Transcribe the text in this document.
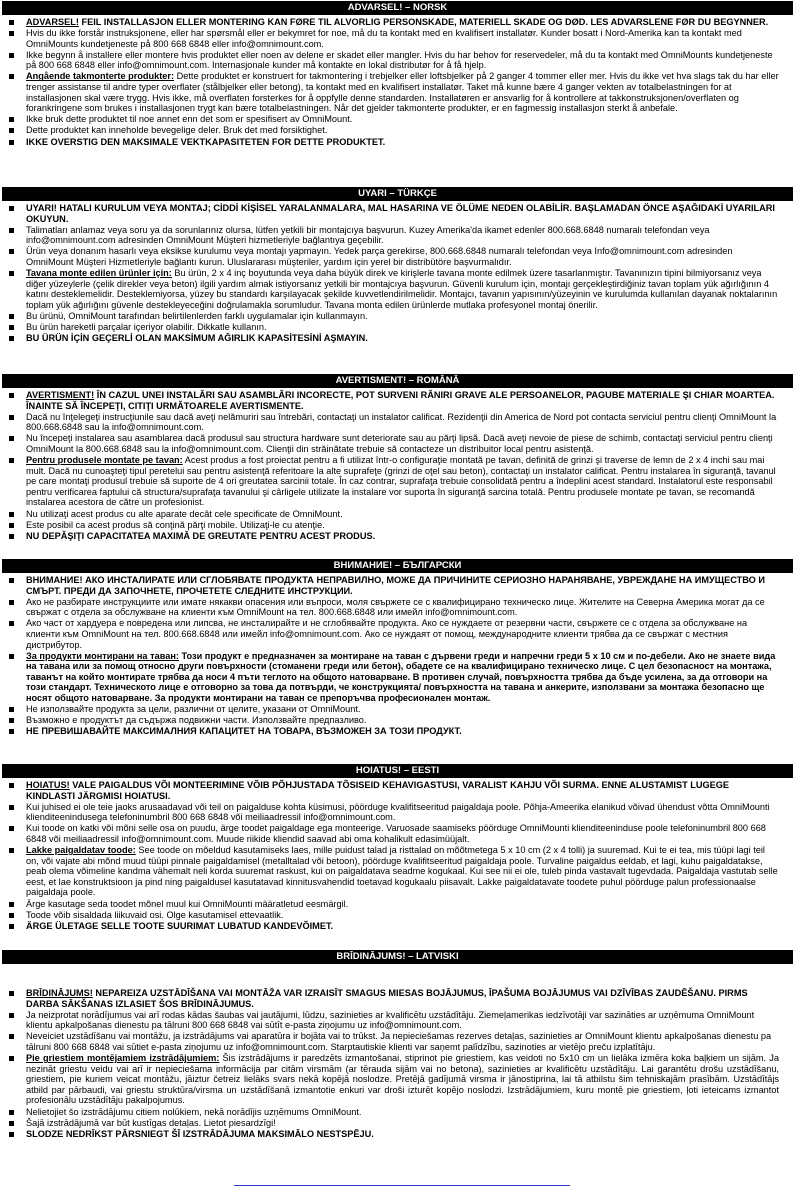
ADVARSEL! – NORSK
ADVARSEL! FEIL INSTALLASJON ELLER MONTERING KAN FØRE TIL ALVORLIG PERSONSKADE, MATERIELL SKADE OG DØD. LES ADVARSLENE FØR DU BEGYNNER.
Hvis du ikke forstår instruksjonene, eller har spørsmål eller er bekymret for noe, må du ta kontakt med en kvalifisert installatør. Kunder bosatt i Nord-Amerika kan ta kontakt med OmniMounts kundetjeneste på 800 668 6848 eller info@omnimount.com.
Ikke begynn å installere eller montere hvis produktet eller noen av delene er skadet eller mangler. Hvis du har behov for reservedeler, må du ta kontakt med OmniMounts kundetjeneste på 800 668 6848 eller info@omnimount.com. Internasjonale kunder må kontakte en lokal distributør for å få hjelp.
Angående takmonterte produkter: Dette produktet er konstruert for takmontering i trebjelker eller loftsbjelker på 2 ganger 4 tommer eller mer. Hvis du ikke vet hva slags tak du har eller trenger assistanse til andre typer overflater (stålbjelker eller betong), ta kontakt med en kvalifisert installatør. Taket må kunne bære 4 ganger vekten av totalbelastningen for at installasjonen skal være trygg. Hvis ikke, må overflaten forsterkes for å oppfylle denne standarden. Installatøren er ansvarlig for å kontrollere at takkonstruksjonen/overflaten og forankringene som brukes i installasjonen trygt kan bære totalbelastningen. Når det gjelder takmonterte produkter, er en fagmessig installasjon sterkt å anbefale.
Ikke bruk dette produktet til noe annet enn det som er spesifisert av OmniMount.
Dette produktet kan inneholde bevegelige deler. Bruk det med forsiktighet.
IKKE OVERSTIG DEN MAKSIMALE VEKTKAPASITETEN FOR DETTE PRODUKTET.
UYARI – TÜRKÇE
UYARI! HATALI KURULUM VEYA MONTAJ; CİDDİ KİŞİSEL YARALANMALARA, MAL HASARINA VE ÖLÜME NEDEN OLABİLİR. BAŞLAMADAN ÖNCE AŞAĞIDAKİ UYARILARI OKUYUN.
Talimatları anlamaz veya soru ya da sorunlarınız olursa, lütfen yetkili bir montajcıya başvurun. Kuzey Amerika'da ikamet edenler 800.668.6848 numaralı telefondan veya info@omnimount.com adresinden OmniMount Müşteri hizmetleriyle bağlantıya geçebilir.
Ürün veya donanım hasarlı veya eksikse kurulumu veya montajı yapmayın. Yedek parça gerekirse, 800.668.6848 numaralı telefondan veya Info@omnimount.com adresinden OmniMount Müşteri Hizmetleriyle bağlantı kurun. Uluslararası müşteriler, yardım için yerel bir distribütöre başvurmalıdır.
Tavana monte edilen ürünler için: Bu ürün, 2 x 4 inç boyutunda veya daha büyük direk ve kirişlerle tavana monte edilmek üzere tasarlanmıştır. Tavanınızın tipini bilmiyorsanız veya diğer yüzeylerle (çelik direkler veya beton) ilgili yardım almak istiyorsanız yetkili bir montajcıya başvurun. Güvenli kurulum için, montajı gerçekleştirdiğiniz tavan toplam yük ağırlığının 4 katını desteklemelidir. Desteklemiyorsa, yüzey bu standardı karşılayacak şekilde kuvvetlendirilmelidir. Montajcı, tavanın yapısının/yüzeyinin ve kurulumda kullanılan dayanak noktalarının toplam yük ağırlığını güvenle destekleyeceğini doğrulamakla sorumludur. Tavana monta edilen ürünlerde mutlaka profesyonel montaj önerilir.
Bu ürünü, OmniMount tarafından belirtilenlerden farklı uygulamalar için kullanmayın.
Bu ürün hareketli parçalar içeriyor olabilir. Dikkatle kullanın.
BU ÜRÜN İÇİN GEÇERLİ OLAN MAKSİMUM AĞIRLIK KAPASİTESİNİ AŞMAYIN.
AVERTISMENT! – ROMÂNĂ
AVERTISMENT! ÎN CAZUL UNEI INSTALĂRI SAU ASAMBLĂRI INCORECTE, POT SURVENI RĂNIRI GRAVE ALE PERSOANELOR, PAGUBE MATERIALE ŞI CHIAR MOARTEA. ÎNAINTE SĂ ÎNCEPEŢI, CITIŢI URMĂTOARELE AVERTISMENTE.
Dacă nu înţelegeţi instrucţiunile sau dacă aveţi nelămuriri sau întrebări, contactaţi un instalator calificat. Rezidenţii din America de Nord pot contacta serviciul pentru clienţi OmniMount la 800.668.6848 sau la info@omnimount.com.
Nu începeţi instalarea sau asamblarea dacă produsul sau structura hardware sunt deteriorate sau au părţi lipsă. Dacă aveţi nevoie de piese de schimb, contactaţi serviciul pentru clienţi OmniMount la 800.668.6848 sau la info@omnimount.com. Clienţii din străinătate trebuie să contacteze un distribuitor local pentru asistenţă.
Pentru produsele montate pe tavan: Acest produs a fost proiectat pentru a fi utilizat într-o configuraţie montată pe tavan, definită de grinzi şi traverse de lemn de 2 x 4 inchi sau mai mult. Dacă nu cunoaşteţi tipul peretelui sau pentru asistenţă referitoare la alte suprafeţe (grinzi de oţel sau beton), contactaţi un instalator calificat. Pentru instalarea în siguranţă, tavanul pe care montaţi produsul trebuie să suporte de 4 ori greutatea sarcinii totale. În caz contrar, suprafaţa trebuie consolidată pentru a îndeplini acest standard. Instalatorul este responsabil pentru verificarea faptului că structura/suprafaţa tavanului şi cârligele utilizate la instalare vor suporta în siguranţă sarcina totală. Pentru produsele montate pe tavan, se recomandă instalarea acestora de către un profesionist.
Nu utilizaţi acest produs cu alte aparate decât cele specificate de OmniMount.
Este posibil ca acest produs să conţină părţi mobile. Utilizaţi-le cu atenţie.
NU DEPĂŞIŢI CAPACITATEA MAXIMĂ DE GREUTATE PENTRU ACEST PRODUS.
ВНИМАНИЕ! – БЪЛГАРСКИ
ВНИМАНИЕ! АКО ИНСТАЛИРАТЕ ИЛИ СГЛОБЯВАТЕ ПРОДУКТА НЕПРАВИЛНО, МОЖЕ ДА ПРИЧИНИТЕ СЕРИОЗНО НАРАНЯВАНЕ, УВРЕЖДАНЕ НА ИМУЩЕСТВО И СМЪРТ. ПРЕДИ ДА ЗАПОЧНЕТЕ, ПРОЧЕТЕТЕ СЛЕДНИТЕ ИНСТРУКЦИИ.
Ако не разбирате инструкциите или имате някакви опасения или въпроси, моля свържете се с квалифицирано техническо лице. Жителите на Северна Америка могат да се свържат с отдела за обслужване на клиенти към OmniMount на тел. 800.668.6848 или имейл info@omnimount.com.
Ако част от хардуера е повредена или липсва, не инсталирайте и не сглобявайте продукта. Ако се нуждаете от резервни части, свържете се с отдела за обслужване на клиенти към OmniMount на тел. 800.668.6848 или имейл info@omnimount.com. Ако се нуждаят от помощ, международните клиенти трябва да се свържат с местния дистрибутор.
За продукти монтирани на таван: Този продукт е предназначен за монтиране на таван с дървени греди и напречни греди 5 х 10 см и по-дебели. Ако не знаете вида на тавана или за помощ относно други повърхности (стоманени греди или бетон), обадете се на квалифицирано техническо лице. С цел безопасност на монтажа, таванът на който монтирате трябва да носи 4 пъти теглото на общото натоварване. В противен случай, повърхността трябва да бъде усилена, за да отговори на този стандарт. Техническото лице е отговорно за това да потвърди, че конструкцията/ повърхността на тавана и анкерите, използвани за монтажа безопасно ще носят общото натоварване. За продукти монтирани на таван се препоръчва професионален монтаж.
Не използвайте продукта за цели, различни от целите, указани от OmniMount.
Възможно е продуктът да съдържа подвижни части. Използвайте предпазливо.
НЕ ПРЕВИШАВАЙТЕ МАКСИМАЛНИЯ КАПАЦИТЕТ НА ТОВАРА, ВЪЗМОЖЕН ЗА ТОЗИ ПРОДУКТ.
HOIATUS! – EESTI
HOIATUS! VALE PAIGALDUS VÕI MONTEERIMINE VÕIB PÕHJUSTADA TÕSISEID KEHAVIGASTUSI, VARALIST KAHJU VÕI SURMA. ENNE ALUSTAMIST LUGEGE KINDLASTI JÄRGMISI HOIATUSI.
Kui juhised ei ole teie jaoks arusaadavad või teil on paigalduse kohta küsimusi, pöörduge kvalifitseeritud paigaldaja poole. Põhja-Ameerika elanikud võivad ühendust võtta OmniMounti klienditeenindusega telefoninumbril 800 668 6848 või meiliaadressil info@omnimount.com.
Kui toode on katki või mõni selle osa on puudu, ärge toodet paigaldage ega monteerige. Varuosade saamiseks pöörduge OmniMounti klienditeeninduse poole telefoninumbril 800 668 6848 või meiliaadressil info@omnimount.com. Muude riikide kliendid saavad abi oma kohalikult edasimüüjalt.
Lakke paigaldatav toode: See toode on mõeldud kasutamiseks laes, mille puidust talad ja risttalad on mõõtmetega 5 x 10 cm (2 x 4 tolli) ja suuremad. Kui te ei tea, mis tüüpi lagi teil on, või vajate abi mõnd muud tüüpi pinnale paigaldamisel (metalltalad või betoon), pöörduge kvalifitseeritud paigaldaja poole. Turvaline paigaldus eeldab, et lagi, kuhu paigaldatakse, peab olema võimeline kandma vähemalt neli korda suuremat raskust, kui on paigaldatava seadme kogukaal. Kui see nii ei ole, tuleb pinda vastavalt tugevdada. Paigaldaja vastutab selle eest, et lae konstruktsioon ja pind ning paigaldusel kasutatavad kinnitusvahendid toetavad kogukaalu piisavalt. Lakke paigaldatavate toodete puhul pöörduge palun professionaalse paigaldaja poole.
Ärge kasutage seda toodet mõnel muul kui OmniMounti määratletud eesmärgil.
Toode võib sisaldada liikuvaid osi. Olge kasutamisel ettevaatlik.
ÄRGE ÜLETAGE SELLE TOOTE SUURIMAT LUBATUD KANDEVÕIMET.
BRĪDINĀJUMS! – LATVISKI
BRĪDINĀJUMS! NEPAREIZA UZSTĀDĪŠANA VAI MONTĀŽA VAR IZRAISĪT SMAGUS MIESAS BOJĀJUMUS, ĪPAŠUMA BOJĀJUMUS VAI DZĪVĪBAS ZAUDĒŠANU. PIRMS DARBA SĀKŠANAS IZLASIET ŠOS BRĪDINĀJUMUS.
Ja neizprotat norādījumus vai arī rodas kādas šaubas vai jautājumi, lūdzu, sazinieties ar kvalificētu uzstādītāju. Ziemeļamerikas iedzīvotāji var sazināties ar uzņēmuma OmniMount klientu apkalpošanas dienestu pa tālruni 800 668 6848 vai sūtīt e-pasta ziņojumu uz info@omnimount.com.
Neveiciet uzstādīšanu vai montāžu, ja izstrādājums vai aparatūra ir bojāta vai to trūkst. Ja nepieciešamas rezerves detaļas, sazinieties ar OmniMount klientu apkalpošanas dienestu pa tālruni 800 668 6848 vai sūtiet e-pasta ziņojumu uz info@omnimount.com. Starptautiskie klienti var saņemt palīdzību, sazinoties ar vietējo preču izplatītāju.
Pie griestiem montējamiem izstrādājumiem: Šis izstrādājums ir paredzēts izmantošanai, stiprinot pie griestiem, kas veidoti no 5x10 cm un lielāka izmēra koka baļķiem un sijām. Ja nezināt griestu veidu vai arī ir nepieciešama informācija par citām virsmām (ar tērauda sijām vai no betona), sazinieties ar kvalificētu uzstādītāju. Lai garantētu drošu uzstādīšanu, griestiem, pie kuriem veicat montāžu, jāiztur četreiz lielāks svars nekā kopējā noslodze. Pretējā gadījumā virsma ir jānostiprina, lai tā atbilstu šim tehniskajām prasībām. Uzstādītājs atbild par pārbaudi, vai griestu struktūra/virsma un uzstādīšanā izmantotie enkuri var droši izturēt kopējo noslodzi. Izstrādājumiem, kuru montē pie griestiem, ļoti ieteicams izmantot profesionālu uzstādītāju pakalpojumus.
Nelietojiet šo izstrādājumu citiem nolūkiem, nekā norādījis uzņēmums OmniMount.
Šajā izstrādājumā var būt kustīgas detaļas. Lietot piesardzīgi!
SLODZE NEDRĪKST PĀRSNIEGT ŠĪ IZSTRĀDĀJUMA MAKSIMĀLO NESTSPĒJU.
